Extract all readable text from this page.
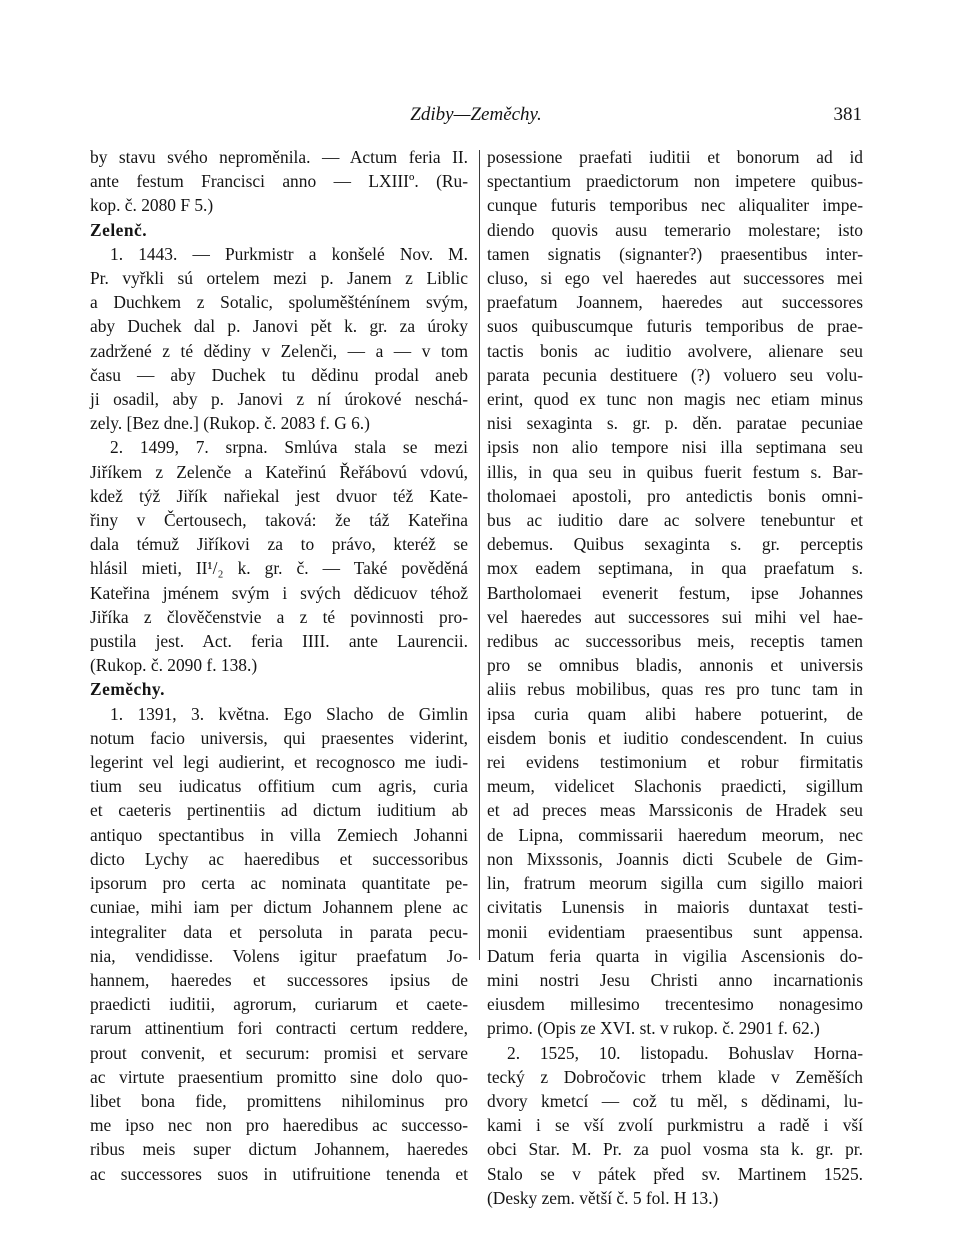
Zdiby—Zeměchy.	381
by stavu svého neproměnila. — Actum feria II.
ante festum Francisci anno — LXIIIº. (Ru-
kop. č. 2080 F 5.)
Zelenč.
1. 1443. — Purkmistr a konšelé Nov. M.
Pr. vyřkli sú ortelem mezi p. Janem z Liblic
a Duchkem z Sotalic, spoluměšténínem svým,
aby Duchek dal p. Janovi pět k. gr. za úroky
zadržené z té dědiny v Zelenči, — a — v tom
času — aby Duchek tu dědinu prodal aneb
ji osadil, aby p. Janovi z ní úrokové neschá-
zely. [Bez dne.] (Rukop. č. 2083 f. G 6.)
2. 1499, 7. srpna. Smlúva stala se mezi
Jiříkem z Zelenče a Kateřinú Řeřábovú vdovú,
kdež týž Jiřík nařiekal jest dvuor též Kate-
řiny v Čertousech, taková: že táž Kateřina
dala témuž Jiříkovi za to právo, kteréž se
hlásil mieti, II¹/₂ k. gr. č. — Také pověděná
Kateřina jménem svým i svých dědicuov téhož
Jiříka z člověčenstvie a z té povinnosti pro-
pustila jest. Act. feria IIII. ante Laurencii.
(Rukop. č. 2090 f. 138.)
Zeměchy.
1. 1391, 3. května. Ego Slacho de Gimlin
notum facio universis, qui praesentes viderint,
legerint vel legi audierint, et recognosco me iudi-
tium seu iudicatus offitium cum agris, curia
et caeteris pertinentiis ad dictum iuditium ab
antiquo spectantibus in villa Zemiech Johanni
dicto Lychy ac haeredibus et successoribus
ipsorum pro certa ac nominata quantitate pe-
cuniae, mihi iam per dictum Johannem plene ac
integraliter data et persoluta in parata pecu-
nia, vendidisse. Volens igitur praefatum Jo-
hannem, haeredes et successores ipsius de
praedicti iuditii, agrorum, curiarum et caete-
rarum attinentium fori contracti certum reddere,
prout convenit, et securum: promisi et servare
ac virtute praesentium promitto sine dolo quo-
libet bona fide, promittens nihilominus pro
me ipso nec non pro haeredibus ac successo-
ribus meis super dictum Johannem, haeredes
ac successores suos in utifruitione tenenda et
posessione praefati iuditii et bonorum ad id
spectantium praedictorum non impetere quibus-
cunque futuris temporibus nec aliqualiter impe-
diendo quovis ausu temerario molestare; isto
tamen signatis (signanter?) praesentibus inter-
cluso, si ego vel haeredes aut successores mei
praefatum Joannem, haeredes aut successores
suos quibuscumque futuris temporibus de prae-
tactis bonis ac iuditio avolvere, alienare seu
parata pecunia destituere (?) voluero seu volu-
erint, quod ex tunc non magis nec etiam minus
nisi sexaginta s. gr. p. děn. paratae pecuniae
ipsis non alio tempore nisi illa septimana seu
illis, in qua seu in quibus fuerit festum s. Bar-
tholomaei apostoli, pro antedictis bonis omni-
bus ac iuditio dare ac solvere tenebuntur et
debemus. Quibus sexaginta s. gr. perceptis
mox eadem septimana, in qua praefatum s.
Bartholomaei evenerit festum, ipse Johannes
vel haeredes aut successores sui mihi vel hae-
redibus ac successoribus meis, receptis tamen
pro se omnibus bladis, annonis et universis
aliis rebus mobilibus, quas res pro tunc tam in
ipsa curia quam alibi habere potuerint, de
eisdem bonis et iuditio condescendent. In cuius
rei evidens testimonium et robur firmitatis
meum, videlicet Slachonis praedicti, sigillum
et ad preces meas Marssiconis de Hradek seu
de Lipna, commissarii haeredum meorum, nec
non Mixssonis, Joannis dicti Scubele de Gim-
lin, fratrum meorum sigilla cum sigillo maiori
civitatis Lunensis in maioris duntaxat testi-
monii evidentiam praesentibus sunt appensa.
Datum feria quarta in vigilia Ascensionis do-
mini nostri Jesu Christi anno incarnationis
eiusdem millesimo trecentesimo nonagesimo
primo. (Opis ze XVI. st. v rukop. č. 2901 f. 62.)
2. 1525, 10. listopadu. Bohuslav Horna-
tecký z Dobročovic trhem klade v Zeměších
dvory kmetcí — což tu měl, s dědinami, lu-
kami i se vší zvolí purkmistru a radě i vší
obci Star. M. Pr. za puol vosma sta k. gr. pr.
Stalo se v pátek před sv. Martinem 1525.
(Desky zem. větší č. 5 fol. H 13.)
